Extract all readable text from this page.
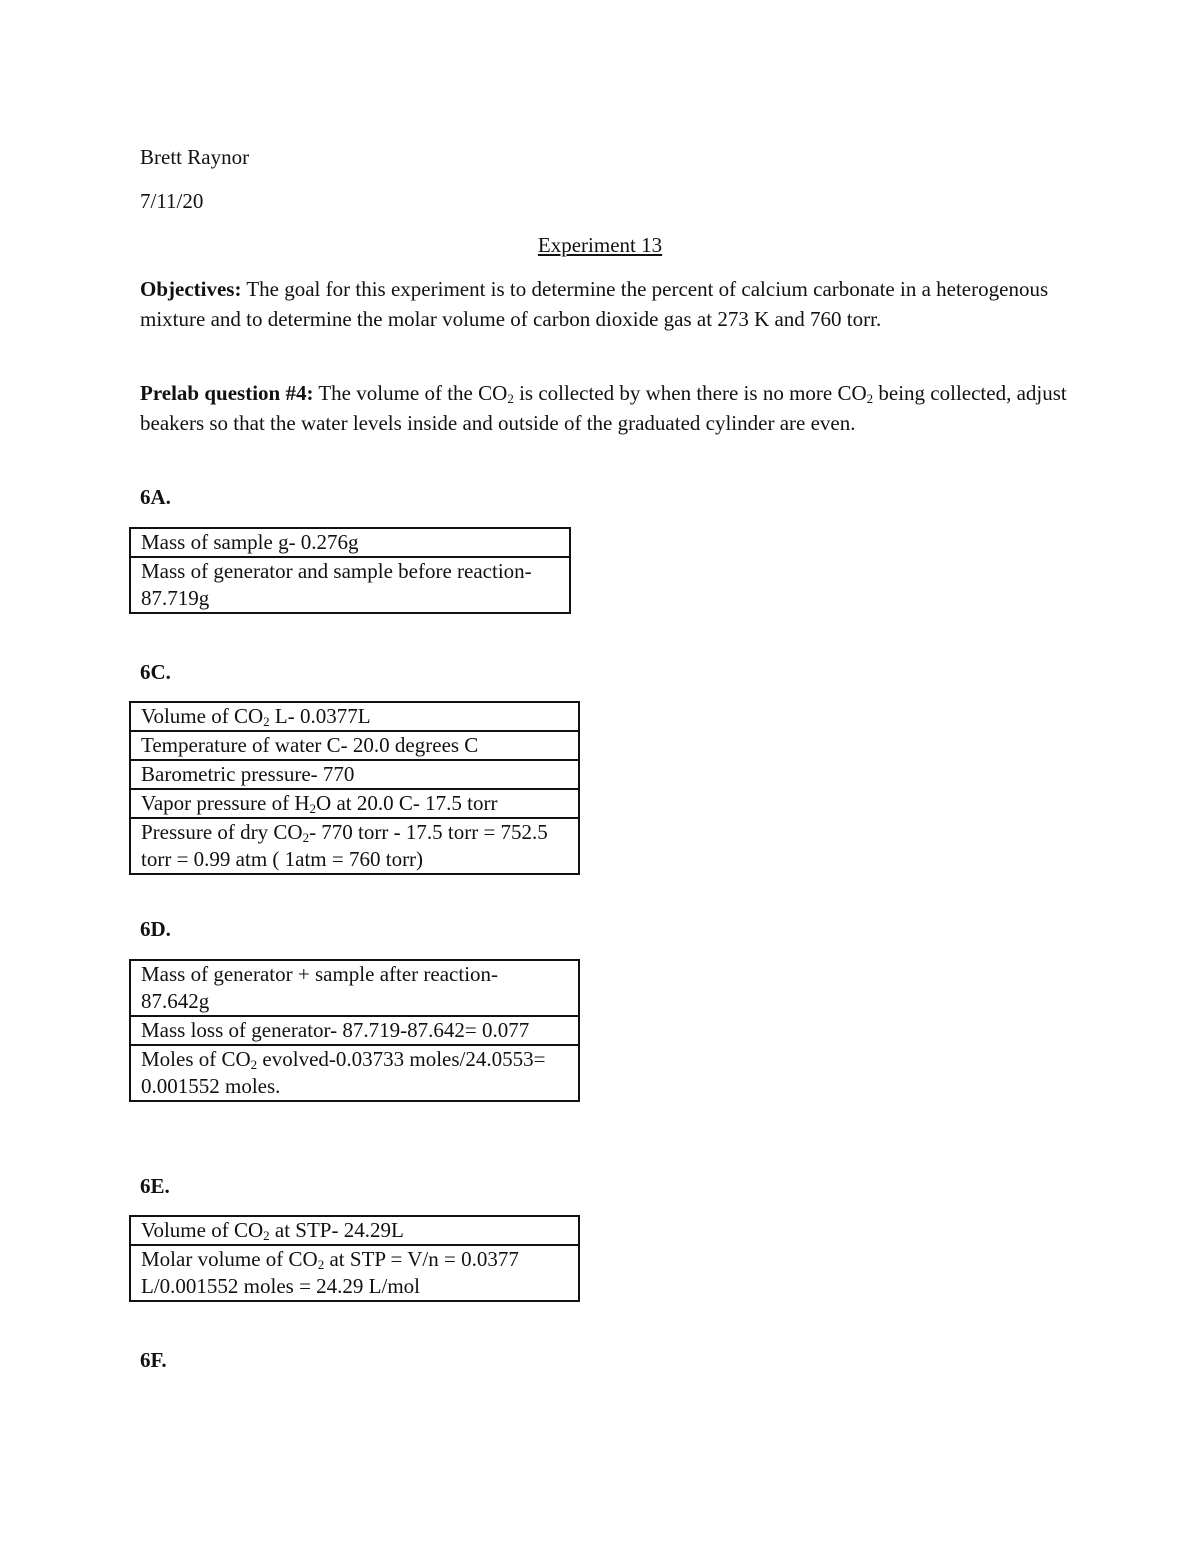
Brett Raynor
7/11/20
Experiment 13
Objectives: The goal for this experiment is to determine the percent of calcium carbonate in a heterogenous mixture and to determine the molar volume of carbon dioxide gas at 273 K and 760 torr.
Prelab question #4: The volume of the $CO_2$ is collected by when there is no more $CO_2$ being collected, adjust beakers so that the water levels inside and outside of the graduated cylinder are even.
6A.
Mass of sample g- 0.276g
Mass of generator and sample before reaction- 87.719g
6C.
Volume of $CO_2$ L- 0.0377L
Temperature of water C- 20.0 degrees C
Barometric pressure- 770
Vapor pressure of $H_2O$ at 20.0 C- 17.5 torr
Pressure of dry $CO_2-$ 770 torr - 17.5 torr = 752.5 torr = 0.99 atm ( 1atm = 760 torr)
6D.
Mass of generator + sample after reaction- 87.642g
Mass loss of generator- 87.719-87.642= 0.077
Moles of $CO_2$ evolved-0.03733 moles/24.0553= 0.001552 moles.
6E.
Volume of $CO_2$ at STP- 24.29L
Molar volume of $CO_2$ at STP = V/n = 0.0377 L/0.001552 moles = 24.29 L/mol
6F.
